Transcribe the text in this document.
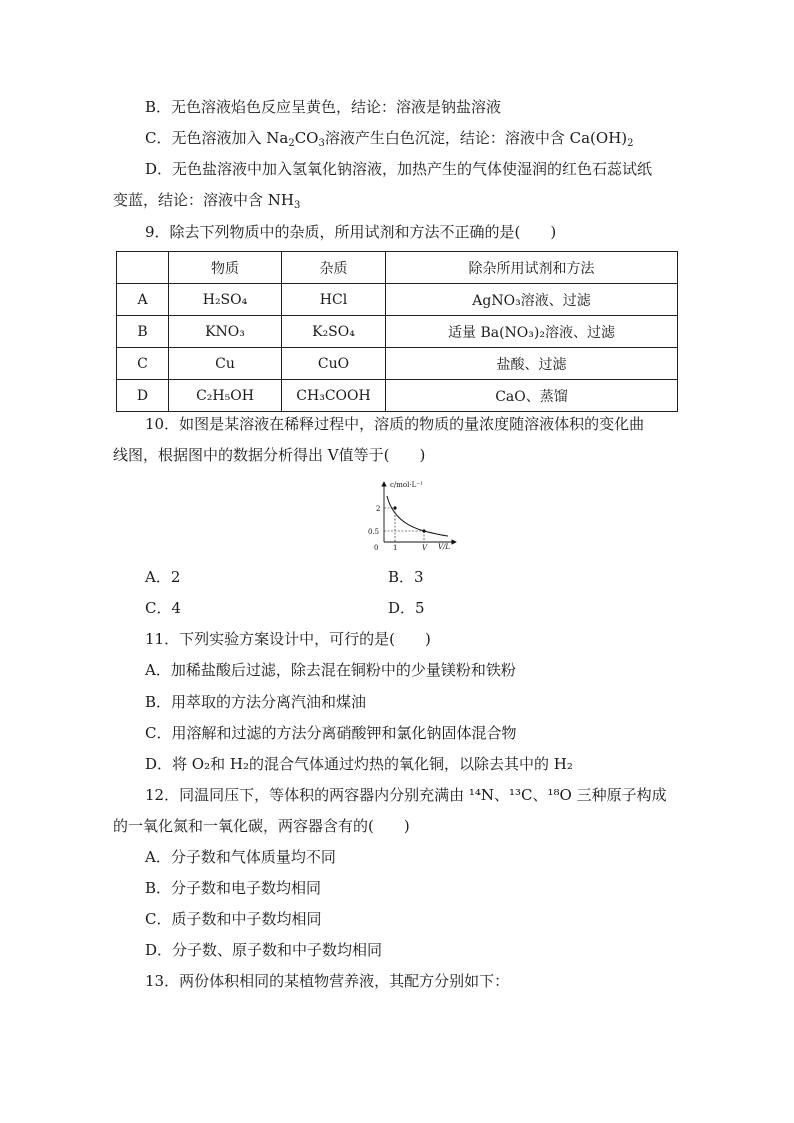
B．无色溶液焰色反应呈黄色，结论：溶液是钠盐溶液
C．无色溶液加入 $Na_2CO_3$溶液产生白色沉淀，结论：溶液中含 $Ca(OH)_2$
D．无色盐溶液中加入氢氧化钠溶液，加热产生的气体使湿润的红色石蕊试纸
变蓝，结论：溶液中含 $NH_3$
9．除去下列物质中的杂质，所用试剂和方法不正确的是(　　)
	物质	杂质	除杂所用试剂和方法
A	H₂SO₄	HCl	AgNO₃溶液、过滤
B	KNO₃	K₂SO₄	适量 Ba(NO₃)₂溶液、过滤
C	Cu	CuO	盐酸、过滤
D	C₂H₅OH	CH₃COOH	CaO、蒸馏
10．如图是某溶液在稀释过程中，溶质的物质的量浓度随溶液体积的变化曲
线图，根据图中的数据分析得出 V值等于(　　)
c/mol·L⁻¹
V/L
0
2
0.5
1	V
A．2	B．3
C．4	D．5
11．下列实验方案设计中，可行的是(　　)
A．加稀盐酸后过滤，除去混在铜粉中的少量镁粉和铁粉
B．用萃取的方法分离汽油和煤油
C．用溶解和过滤的方法分离硝酸钾和氯化钠固体混合物
D．将 O₂和 H₂的混合气体通过灼热的氧化铜，以除去其中的 H₂
12．同温同压下，等体积的两容器内分别充满由 ¹⁴N、¹³C、¹⁸O 三种原子构成
的一氧化氮和一氧化碳，两容器含有的(　　)
A．分子数和气体质量均不同
B．分子数和电子数均相同
C．质子数和中子数均相同
D．分子数、原子数和中子数均相同
13．两份体积相同的某植物营养液，其配方分别如下：
